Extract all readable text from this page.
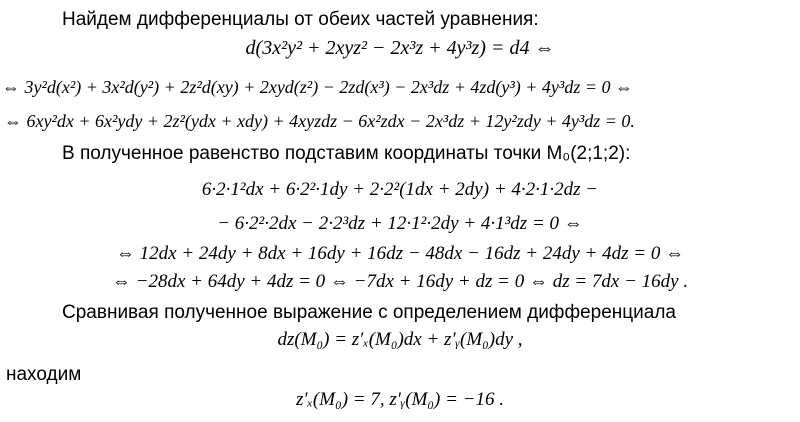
Найдем дифференциалы от обеих частей уравнения:
d(3x²y² + 2xyz² − 2x³z + 4y³z) = d4 ⇔
⇔ 3y²d(x²) + 3x²d(y²) + 2z²d(xy) + 2xyd(z²) − 2zd(x³) − 2x³dz + 4zd(y³) + 4y³dz = 0 ⇔
⇔ 6xy²dx + 6x²ydy + 2z²(ydx + xdy) + 4xyzdz − 6x²zdx − 2x³dz + 12y²zdy + 4y³dz = 0.
В полученное равенство подставим координаты точки M₀(2;1;2):
6·2·1²dx + 6·2²·1dy + 2·2²(1dx + 2dy) + 4·2·1·2dz −
− 6·2²·2dx − 2·2³dz + 12·1²·2dy + 4·1³dz = 0 ⇔
⇔ 12dx + 24dy + 8dx + 16dy + 16dz − 48dx − 16dz + 24dy + 4dz = 0 ⇔
⇔ −28dx + 64dy + 4dz = 0 ⇔ −7dx + 16dy + dz = 0 ⇔ dz = 7dx − 16dy .
Сравнивая полученное выражение с определением дифференциала
dz(M₀) = z′ₓ(M₀)dx + z′ᵧ(M₀)dy ,
находим
z′ₓ(M₀) = 7, z′ᵧ(M₀) = −16 .
